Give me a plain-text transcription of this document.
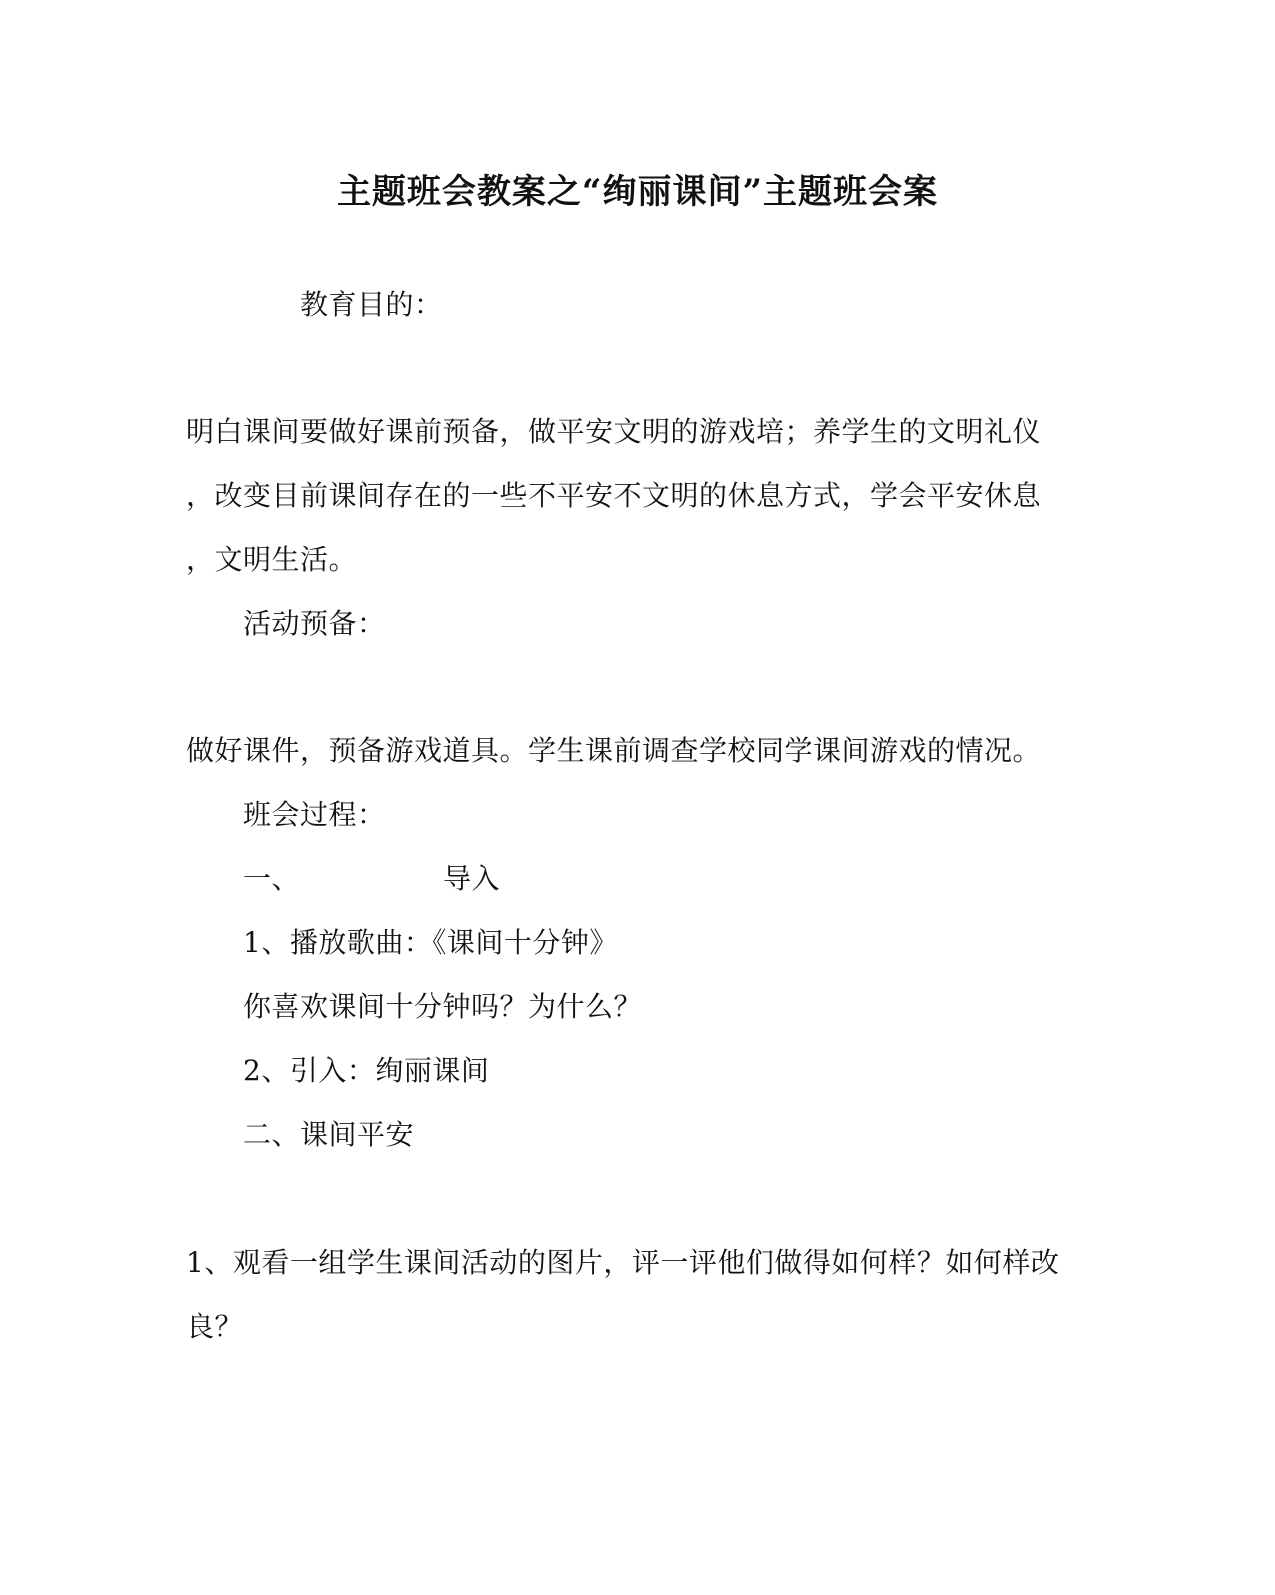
主题班会教案之“绚丽课间”主题班会案
教育目的：
明白课间要做好课前预备，做平安文明的游戏培；养学生的文明礼仪
，改变目前课间存在的一些不平安不文明的休息方式，学会平安休息
，文明生活。
活动预备：
做好课件，预备游戏道具。学生课前调查学校同学课间游戏的情况。
班会过程：
一、	导入
1、播放歌曲：《课间十分钟》
你喜欢课间十分钟吗？为什么？
2、引入：绚丽课间
二、课间平安
1、观看一组学生课间活动的图片，评一评他们做得如何样？如何样改
良？
